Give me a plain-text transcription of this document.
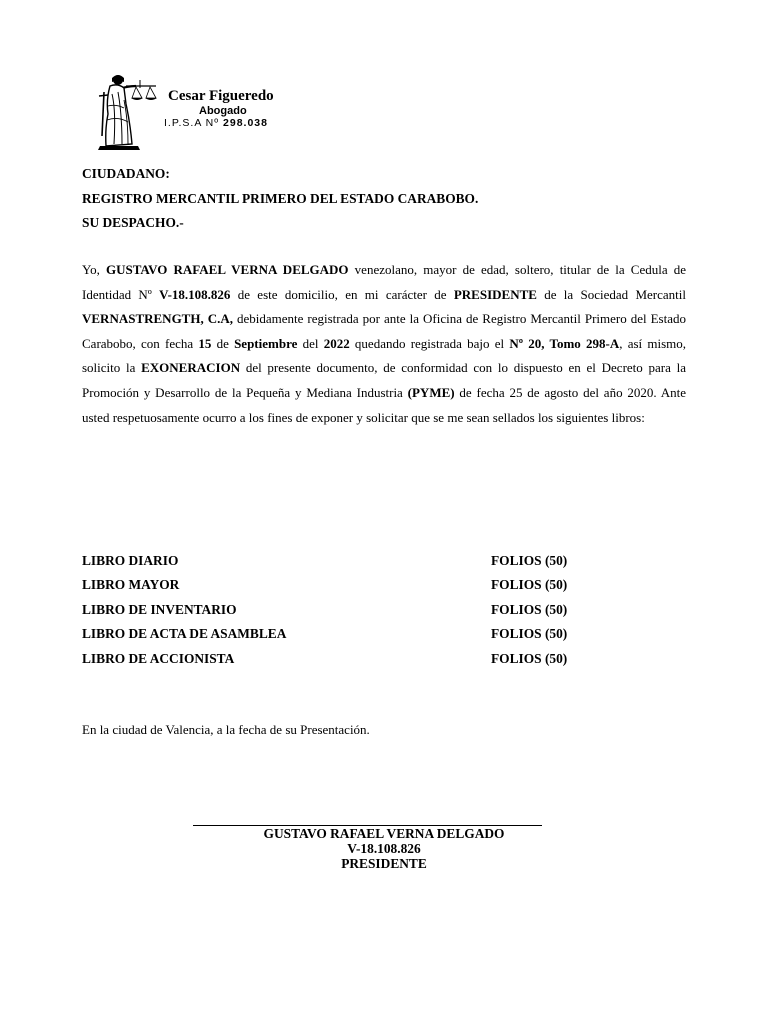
Cesar Figueredo
Abogado
I.P.S.A Nº 298.038
CIUDADANO:
REGISTRO MERCANTIL PRIMERO DEL ESTADO CARABOBO.
SU DESPACHO.-
Yo, GUSTAVO RAFAEL VERNA DELGADO venezolano, mayor de edad, soltero, titular de la Cedula de Identidad Nº V-18.108.826 de este domicilio, en mi carácter de PRESIDENTE de la Sociedad Mercantil VERNASTRENGTH, C.A, debidamente registrada por ante la Oficina de Registro Mercantil Primero del Estado Carabobo, con fecha 15 de Septiembre del 2022 quedando registrada bajo el Nº 20, Tomo 298-A, así mismo, solicito la EXONERACION del presente documento, de conformidad con lo dispuesto en el Decreto para la Promoción y Desarrollo de la Pequeña y Mediana Industria (PYME) de fecha 25 de agosto del año 2020. Ante usted respetuosamente ocurro a los fines de exponer y solicitar que se me sean sellados los siguientes libros:
LIBRO DIARIO	FOLIOS (50)
LIBRO MAYOR	FOLIOS (50)
LIBRO DE INVENTARIO	FOLIOS (50)
LIBRO DE ACTA DE ASAMBLEA	FOLIOS (50)
LIBRO DE ACCIONISTA	FOLIOS (50)
En la ciudad de Valencia, a la fecha de su Presentación.
GUSTAVO RAFAEL VERNA DELGADO
V-18.108.826
PRESIDENTE
